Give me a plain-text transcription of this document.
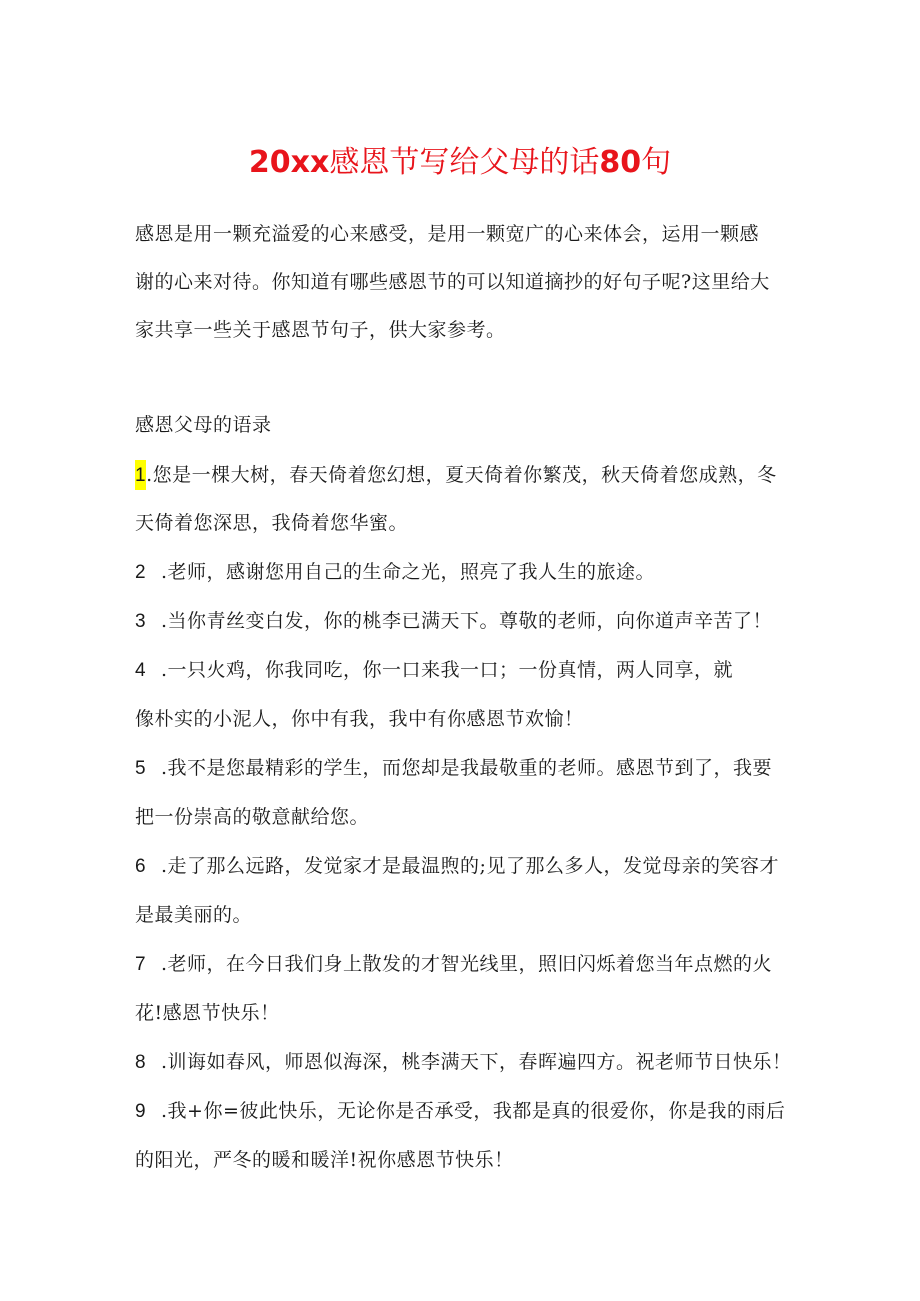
20xx感恩节写给父母的话80句
感恩是用一颗充溢爱的心来感受，是用一颗宽广的心来体会，运用一颗感
谢的心来对待。你知道有哪些感恩节的可以知道摘抄的好句子呢?这里给大
家共享一些关于感恩节句子，供大家参考。
感恩父母的语录
1.您是一棵大树，春天倚着您幻想，夏天倚着你繁茂，秋天倚着您成熟，冬
天倚着您深思，我倚着您华蜜。
2 .老师，感谢您用自己的生命之光，照亮了我人生的旅途。
3 .当你青丝变白发，你的桃李已满天下。尊敬的老师，向你道声辛苦了！
4 .一只火鸡，你我同吃，你一口来我一口；一份真情，两人同享，就
像朴实的小泥人，你中有我，我中有你感恩节欢愉！
5 .我不是您最精彩的学生，而您却是我最敬重的老师。感恩节到了，我要
把一份崇高的敬意献给您。
6 .走了那么远路，发觉家才是最温煦的;见了那么多人，发觉母亲的笑容才
是最美丽的。
7 .老师，在今日我们身上散发的才智光线里，照旧闪烁着您当年点燃的火
花!感恩节快乐！
8 .训诲如春风，师恩似海深，桃李满天下，春晖遍四方。祝老师节日快乐！
9 .我+你=彼此快乐，无论你是否承受，我都是真的很爱你，你是我的雨后
的阳光，严冬的暖和暖洋!祝你感恩节快乐！
